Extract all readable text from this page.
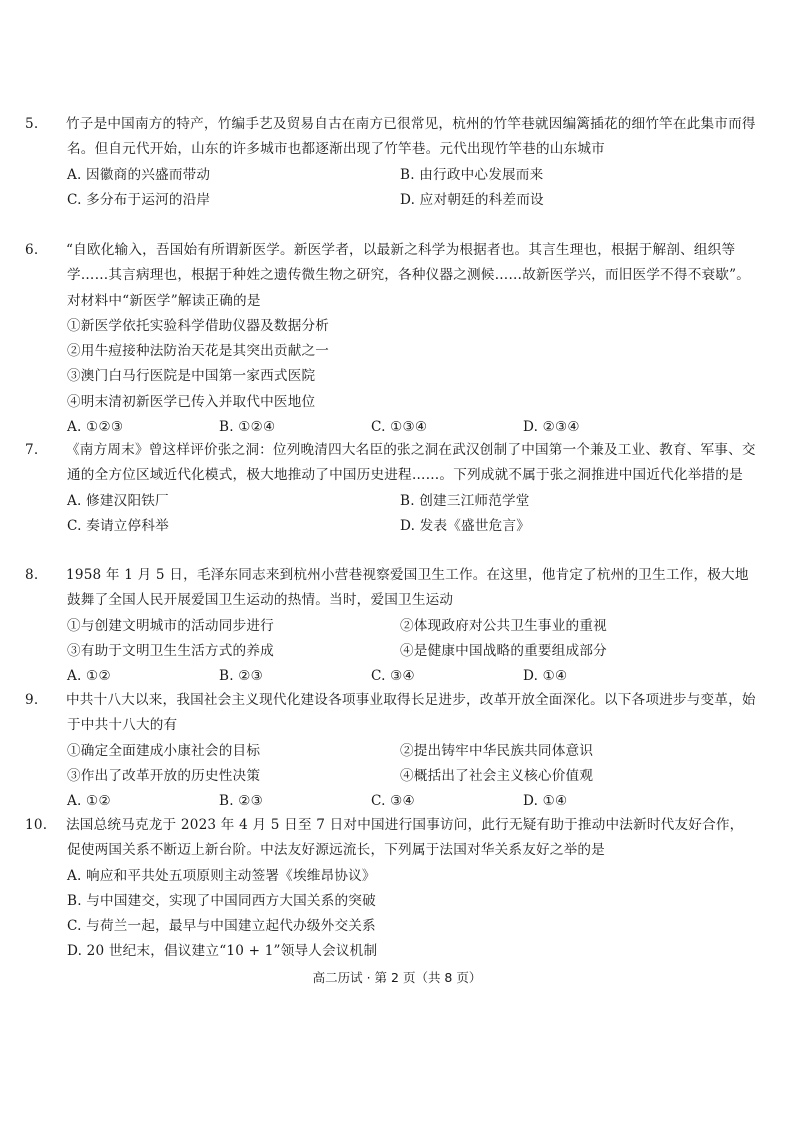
5. 竹子是中国南方的特产，竹编手艺及贸易自古在南方已很常见，杭州的竹竿巷就因编篱插花的细竹竿在此集市而得名。但自元代开始，山东的许多城市也都逐渐出现了竹竿巷。元代出现竹竿巷的山东城市
A. 因徽商的兴盛而带动	B. 由行政中心发展而来
C. 多分布于运河的沿岸	D. 应对朝廷的科差而设
6. “自欧化输入，吾国始有所谓新医学。新医学者，以最新之科学为根据者也。其言生理也，根据于解剖、组织等学……其言病理也，根据于种姓之遗传微生物之研究，各种仪器之测候……故新医学兴，而旧医学不得不衰歇”。对材料中“新医学”解读正确的是
①新医学依托实验科学借助仪器及数据分析
②用牛痘接种法防治天花是其突出贡献之一
③澳门白马行医院是中国第一家西式医院
④明末清初新医学已传入并取代中医地位
A. ①②③	B. ①②④	C. ①③④	D. ②③④
7. 《南方周末》曾这样评价张之洞：位列晚清四大名臣的张之洞在武汉创制了中国第一个兼及工业、教育、军事、交通的全方位区域近代化模式，极大地推动了中国历史进程……。下列成就不属于张之洞推进中国近代化举措的是
A. 修建汉阳铁厂	B. 创建三江师范学堂
C. 奏请立停科举	D. 发表《盛世危言》
8. 1958 年 1 月 5 日，毛泽东同志来到杭州小营巷视察爱国卫生工作。在这里，他肯定了杭州的卫生工作，极大地鼓舞了全国人民开展爱国卫生运动的热情。当时，爱国卫生运动
①与创建文明城市的活动同步进行	②体现政府对公共卫生事业的重视
③有助于文明卫生生活方式的养成	④是健康中国战略的重要组成部分
A. ①②	B. ②③	C. ③④	D. ①④
9. 中共十八大以来，我国社会主义现代化建设各项事业取得长足进步，改革开放全面深化。以下各项进步与变革，始于中共十八大的有
①确定全面建成小康社会的目标	②提出铸牢中华民族共同体意识
③作出了改革开放的历史性决策	④概括出了社会主义核心价值观
A. ①②	B. ②③	C. ③④	D. ①④
10. 法国总统马克龙于 2023 年 4 月 5 日至 7 日对中国进行国事访问，此行无疑有助于推动中法新时代友好合作，促使两国关系不断迈上新台阶。中法友好源远流长，下列属于法国对华关系友好之举的是
A. 响应和平共处五项原则主动签署《埃维昂协议》
B. 与中国建交，实现了中国同西方大国关系的突破
C. 与荷兰一起，最早与中国建立起代办级外交关系
D. 20 世纪末，倡议建立“10 + 1”领导人会议机制
高二历试 · 第 2 页（共 8 页）
